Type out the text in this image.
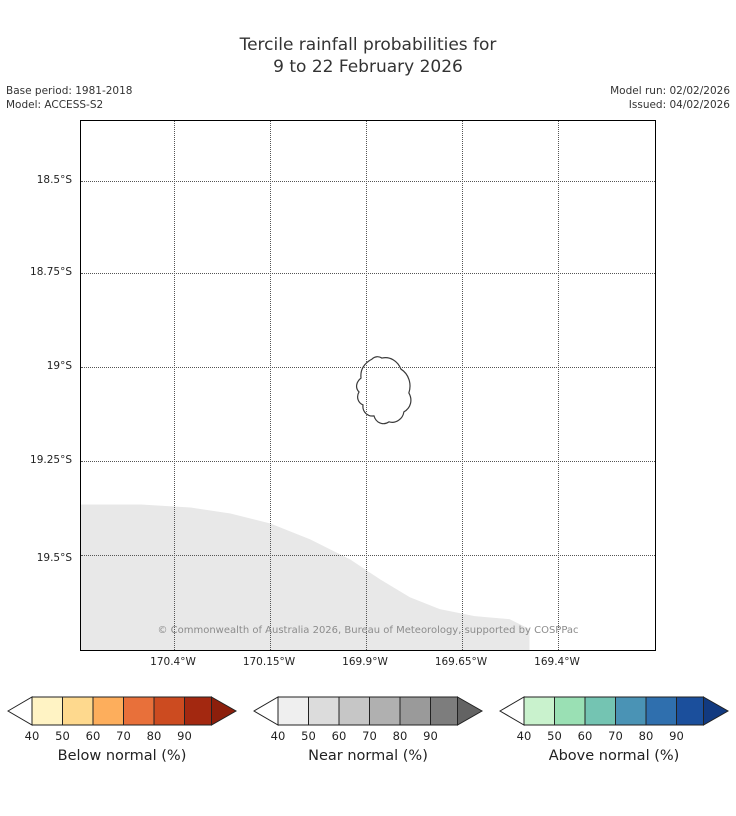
Tercile rainfall probabilities for
9 to 22 February 2026
Base period: 1981-2018
Model: ACCESS-S2
Model run: 02/02/2026
Issued: 04/02/2026
18.5°S
18.75°S
19°S
19.25°S
19.5°S
170.4°W	170.15°W	169.9°W	169.65°W	169.4°W
© Commonwealth of Australia 2026, Bureau of Meteorology, supported by COSPPac
40 50 60 70 80 90
Below normal (%)
40 50 60 70 80 90
Near normal (%)
40 50 60 70 80 90
Above normal (%)
